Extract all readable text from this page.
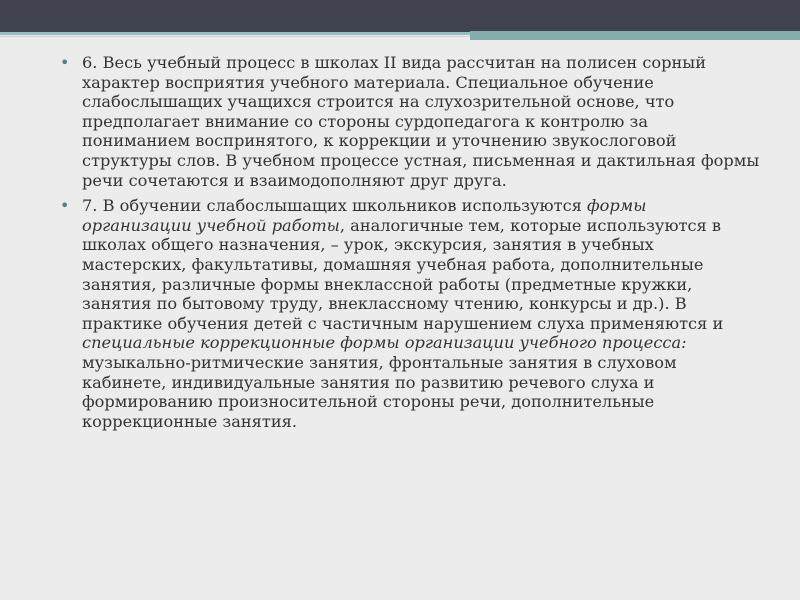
• 6. Весь учебный процесс в школах II вида рассчитан на полисен сорный характер восприятия учебного материала. Специальное обучение слабослышащих учащихся строится на слухозрительной основе, что предполагает внимание со стороны сурдопедагога к контролю за пониманием воспринятого, к коррекции и уточнению звукослоговой структуры слов. В учебном процессе устная, письменная и дактильная формы речи сочетаются и взаимодополняют друг друга.

• 7. В обучении слабослышащих школьников используются формы организации учебной работы, аналогичные тем, которые используются в школах общего назначения, – урок, экскурсия, занятия в учебных мастерских, факультативы, домашняя учебная работа, дополнительные занятия, различные формы внеклассной работы (предметные кружки, занятия по бытовому труду, внеклассному чтению, конкурсы и др.). В практике обучения детей с частичным нарушением слуха применяются и специальные коррекционные формы организации учебного процесса: музыкально-ритмические занятия, фронтальные занятия в слуховом кабинете, индивидуальные занятия по развитию речевого слуха и формированию произносительной стороны речи, дополнительные коррекционные занятия.
